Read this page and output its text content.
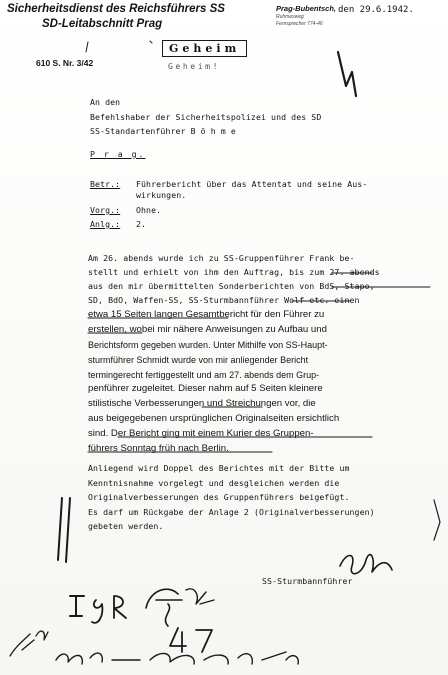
Sicherheitsdienst des Reichsführers SS
SD-Leitabschnitt Prag
Prag-Bubentsch,
Ruhmesweg
Fernsprecher 774-46
den 29.6.1942.
610 S. Nr. 3/42
Geheim
Geheim!
An den
Befehlshaber der Sicherheitspolizei und des SD
SS-Standartenführer B ö h m e
P r a g.
Betr.: Führerbericht über das Attentat und seine Aus-
wirkungen.
Vorg.: Ohne.
Anlg.: 2.
Am 26. abends wurde ich zu SS-Gruppenführer Frank be-
stellt und erhielt von ihm den Auftrag, bis zum 27. abends
aus den mir übermittelten Sonderberichten von BdS, Stapo,
SD, BdO, Waffen-SS, SS-Sturmbannführer Wolf etc. einen
etwa 15 Seiten langen Gesamtbericht für den Führer zu
erstellen, wobei mir nähere Anweisungen zu Aufbau und
Berichtsform gegeben wurden. Unter Mithilfe von SS-Haupt-
sturmführer Schmidt wurde von mir anliegender Bericht
termingerecht fertiggestellt und am 27. abends dem Grup-
penführer zugeleitet. Dieser nahm auf 5 Seiten kleinere
stilistische Verbesserungen und Streichungen vor, die
aus beigegebenen ursprünglichen Originalseiten ersichtlich
sind. Der Bericht ging mit einem Kurier des Gruppen-
führers Sonntag früh nach Berlin.
Anliegend wird Doppel des Berichtes mit der Bitte um
Kenntnisnahme vorgelegt und desgleichen werden die
Originalverbesserungen des Gruppenführers beigefügt.
Es darf um Rückgabe der Anlage 2 (Originalverbesserungen)
gebeten werden.
SS-Sturmbannführer
